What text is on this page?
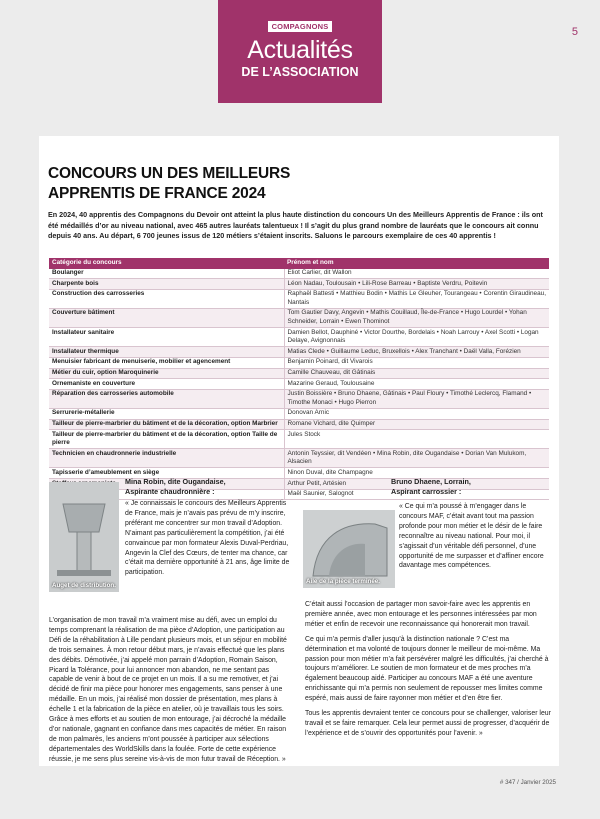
COMPAGNONS
Actualités
DE L’ASSOCIATION
5
CONCOURS UN DES MEILLEURS
APPRENTIS DE FRANCE 2024
En 2024, 40 apprentis des Compagnons du Devoir ont atteint la plus haute distinction du concours Un des Meilleurs Apprentis de France : ils ont été médaillés d’or au niveau national, avec 465 autres lauréats talentueux ! Il s’agit du plus grand nombre de lauréats que le concours ait connu depuis 40 ans. Au départ, 6 700 jeunes issus de 120 métiers s’étaient inscrits. Saluons le parcours exemplaire de ces 40 apprentis !
Catégorie du concours	Prénom et nom
Boulanger	Eliot Carlier, dit Wallon
Charpente bois	Léon Nadau, Toulousain • Lili-Rose Barreau • Baptiste Verdru, Poitevin
Construction des carrosseries	Raphaël Battesti • Matthieu Bodin • Mathis Le Gleuher, Tourangeau • Corentin Giraudineau, Nantais
Couverture bâtiment	Tom Gautier Davy, Angevin • Mathis Couillaud, Île-de-France • Hugo Lourdel • Yohan Schneider, Lorrain • Ewen Thominot
Installateur sanitaire	Damien Bellot, Dauphiné • Victor Dourthe, Bordelais • Noah Larrouy • Axel Scotti • Logan Delaye, Avignonnais
Installateur thermique	Matias Clede • Guillaume Leduc, Bruxellois • Alex Tranchant • Daël Valla, Forézien
Menuisier fabricant de menuiserie, mobilier et agencement	Benjamin Poinard, dit Vivarois
Métier du cuir, option Maroquinerie	Camille Chauveau, dit Gâtinais
Ornemaniste en couverture	Mazarine Geraud, Toulousaine
Réparation des carrosseries automobile	Justin Boissière • Bruno Dhaene, Gâtinais • Paul Floury • Timothé Leclercq, Flamand • Timothe Monaci • Hugo Pierron
Serrurerie-métallerie	Donovan Arnic
Tailleur de pierre-marbrier du bâtiment et de la décoration, option Marbrier	Romane Vichard, dite Quimper
Tailleur de pierre-marbrier du bâtiment et de la décoration, option Taille de pierre	Jules Stock
Technicien en chaudronnerie industrielle	Antonin Teyssier, dit Vendéen • Mina Robin, dite Ougandaise • Dorian Van Mulukom, Alsacien
Tapisserie d’ameublement en siège	Ninon Duval, dite Champagne
	Arthur Petit, Artésien
	Maël Saunier, Salognot
Auget de distribution.
Mina Robin, dite Ougandaise,
Aspirante chaudronnière :

« Je connaissais le concours des Meilleurs Apprentis de France, mais je n’avais pas prévu de m’y inscrire, préférant me concentrer sur mon travail d’Adoption. N’aimant pas particulièrement la compétition, j’ai été convaincue par mon formateur Alexis Duval-Perdriau, Angevin la Clef des Cœurs, de tenter ma chance, car c’était ma dernière opportunité à 21 ans, âge limite de participation.

L’organisation de mon travail m’a vraiment mise au défi, avec un emploi du temps comprenant la réalisation de ma pièce d’Adoption, une participation au Défi de la réhabilitation à Lille pendant plusieurs mois, et un séjour en mobilité de trois semaines. À mon retour début mars, je n’avais effectué que les plans des débits. Démotivée, j’ai appelé mon parrain d’Adoption, Romain Saison, Picard la Tolérance, pour lui annoncer mon abandon, ne me sentant pas capable de venir à bout de ce projet en un mois. Il a su me remotiver, et j’ai décidé de finir ma pièce pour honorer mes engagements, sans penser à une médaille. En un mois, j’ai réalisé mon dossier de présentation, mes plans à échelle 1 et la fabrication de la pièce en atelier, où je travaillais tous les soirs. Grâce à mes efforts et au soutien de mon entourage, j’ai décroché la médaille d’or nationale, gagnant en confiance dans mes capacités de métier. En raison de mon palmarès, les anciens m’ont poussée à participer aux sélections départementales des WorldSkills dans la foulée. Forte de cette expérience réussie, je me sens plus sereine vis-à-vis de mon futur travail de Réception. »

Aile de la pièce terminée.
Bruno Dhaene, Lorrain,
Aspirant carrossier :

« Ce qui m’a poussé à m’engager dans le concours MAF, c’était avant tout ma passion profonde pour mon métier et le désir de le faire reconnaître au niveau national. Pour moi, il s’agissait d’un véritable défi personnel, d’une opportunité de me surpasser et d’affiner encore davantage mes compétences.

C’était aussi l’occasion de partager mon savoir-faire avec les apprentis en première année, avec mon entourage et les personnes intéressées par mon métier et enfin de recevoir une reconnaissance qui honorerait mon travail.

Ce qui m’a permis d’aller jusqu’à la distinction nationale ? C’est ma détermination et ma volonté de toujours donner le meilleur de moi-même. Ma passion pour mon métier m’a fait persévérer malgré les difficultés, j’ai cherché à toujours m’améliorer. Le soutien de mon formateur et de mes proches m’a également beaucoup aidé. Participer au concours MAF a été une aventure enrichissante qui m’a permis non seulement de repousser mes limites comme espéré, mais aussi de faire rayonner mon métier et d’en être fier.

Tous les apprentis devraient tenter ce concours pour se challenger, valoriser leur travail et se faire remarquer. Cela leur permet aussi de progresser, d’acquérir de l’expérience et de s’ouvrir des opportunités pour l’avenir. »

# 347 / Janvier 2025
